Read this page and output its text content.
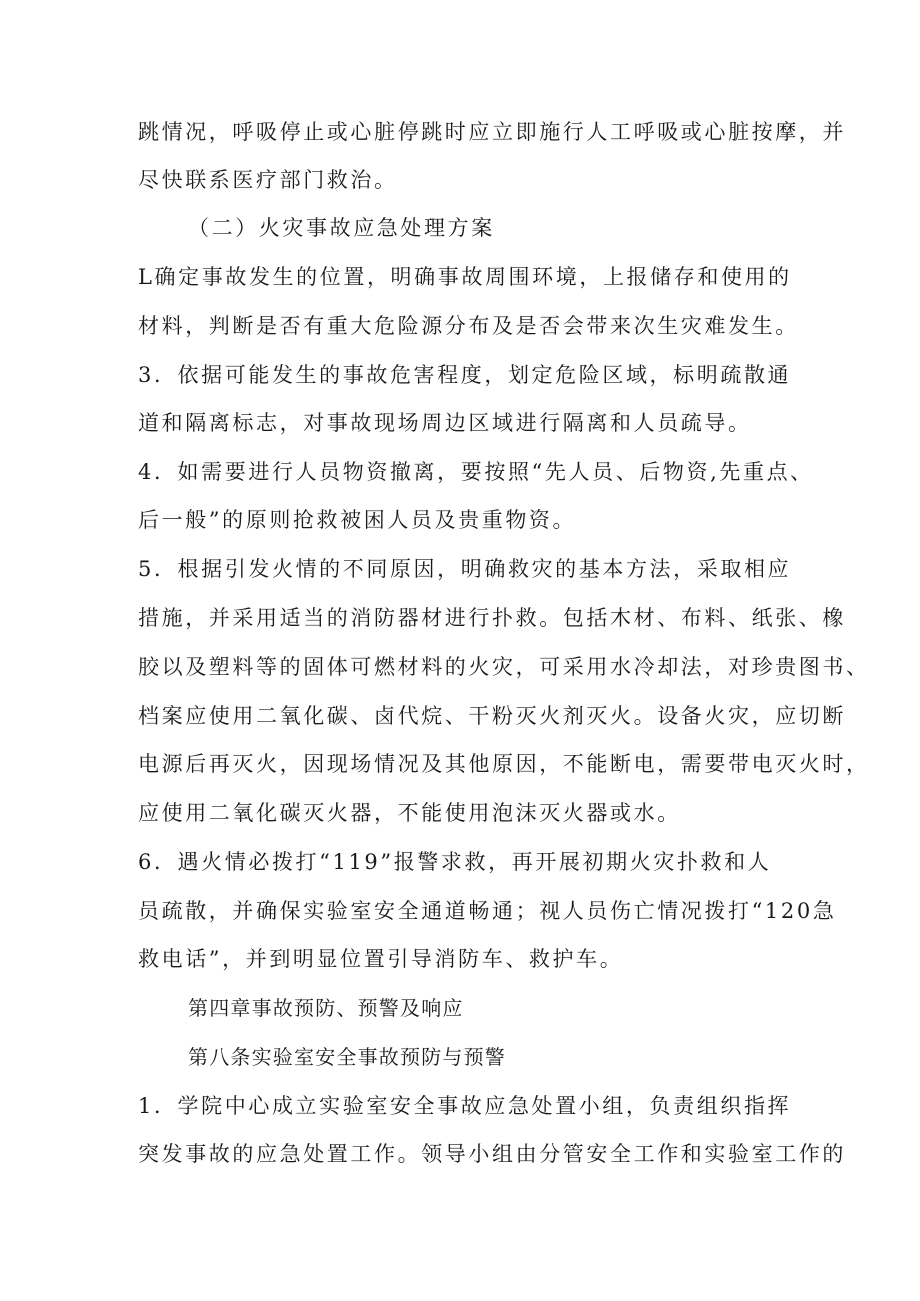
跳情况，呼吸停止或心脏停跳时应立即施行人工呼吸或心脏按摩，并
尽快联系医疗部门救治。
（二）火灾事故应急处理方案
L确定事故发生的位置，明确事故周围环境，上报储存和使用的
材料，判断是否有重大危险源分布及是否会带来次生灾难发生。
3．依据可能发生的事故危害程度，划定危险区域，标明疏散通
道和隔离标志，对事故现场周边区域进行隔离和人员疏导。
4．如需要进行人员物资撤离，要按照“先人员、后物资,先重点、
后一般”的原则抢救被困人员及贵重物资。
5．根据引发火情的不同原因，明确救灾的基本方法，采取相应
措施，并采用适当的消防器材进行扑救。包括木材、布料、纸张、橡
胶以及塑料等的固体可燃材料的火灾，可采用水冷却法，对珍贵图书、
档案应使用二氧化碳、卤代烷、干粉灭火剂灭火。设备火灾，应切断
电源后再灭火，因现场情况及其他原因，不能断电，需要带电灭火时，
应使用二氧化碳灭火器，不能使用泡沫灭火器或水。
6．遇火情必拨打“119”报警求救，再开展初期火灾扑救和人
员疏散，并确保实验室安全通道畅通；视人员伤亡情况拨打“120急
救电话”，并到明显位置引导消防车、救护车。
第四章事故预防、预警及响应
第八条实验室安全事故预防与预警
1．学院中心成立实验室安全事故应急处置小组，负责组织指挥
突发事故的应急处置工作。领导小组由分管安全工作和实验室工作的
